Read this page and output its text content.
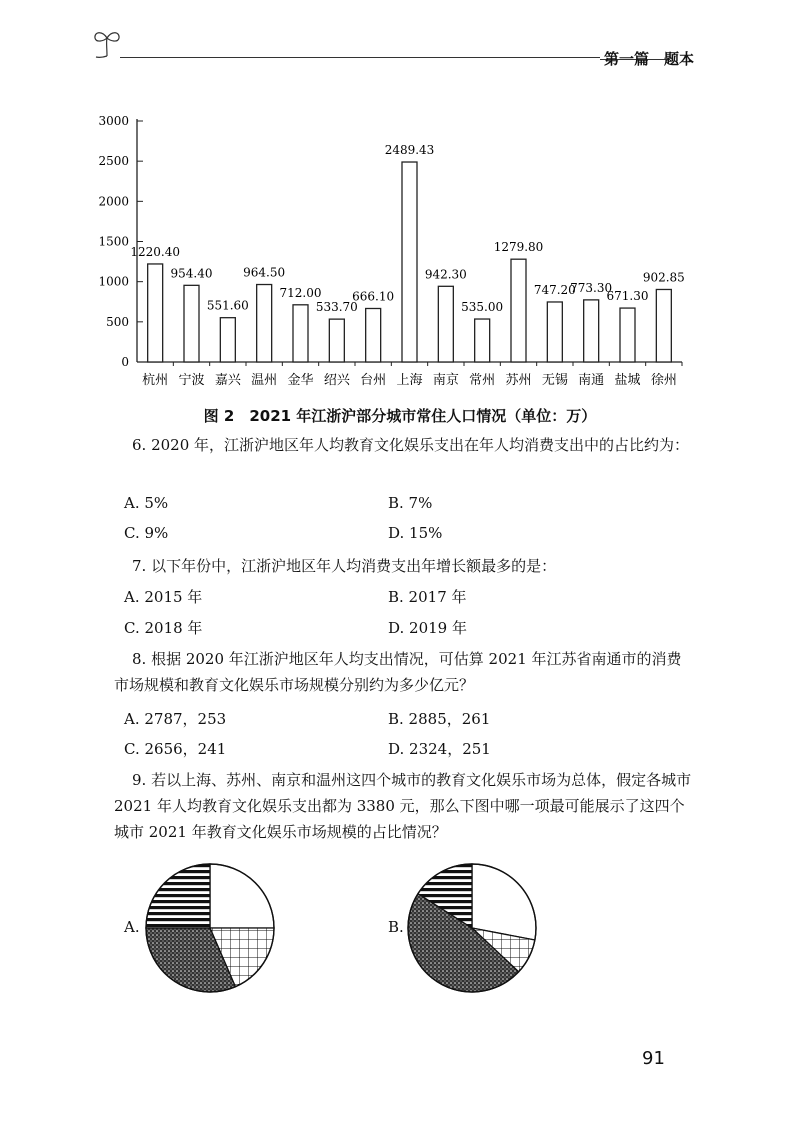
第一篇　题本
0
500
1000
1500
2000
2500
3000
1220.40
杭州
954.40
宁波
551.60
嘉兴
964.50
温州
712.00
金华
533.70
绍兴
666.10
台州
2489.43
上海
942.30
南京
535.00
常州
1279.80
苏州
747.20
无锡
773.30
南通
671.30
盐城
902.85
徐州
图 2　2021 年江浙沪部分城市常住人口情况（单位：万）

6. 2020 年，江浙沪地区年人均教育文化娱乐支出在年人均消费支出中的占比约为：

A. 5%	B. 7%
C. 9%	D. 15%

7. 以下年份中，江浙沪地区年人均消费支出年增长额最多的是：

A. 2015 年	B. 2017 年
C. 2018 年	D. 2019 年

8. 根据 2020 年江浙沪地区年人均支出情况，可估算 2021 年江苏省南通市的消费市场规模和教育文化娱乐市场规模分别约为多少亿元？

A. 2787，253	B. 2885，261
C. 2656，241	D. 2324，251

9. 若以上海、苏州、南京和温州这四个城市的教育文化娱乐市场为总体，假定各城市 2021 年人均教育文化娱乐支出都为 3380 元，那么下图中哪一项最可能展示了这四个城市 2021 年教育文化娱乐市场规模的占比情况？

A.	B.
91
